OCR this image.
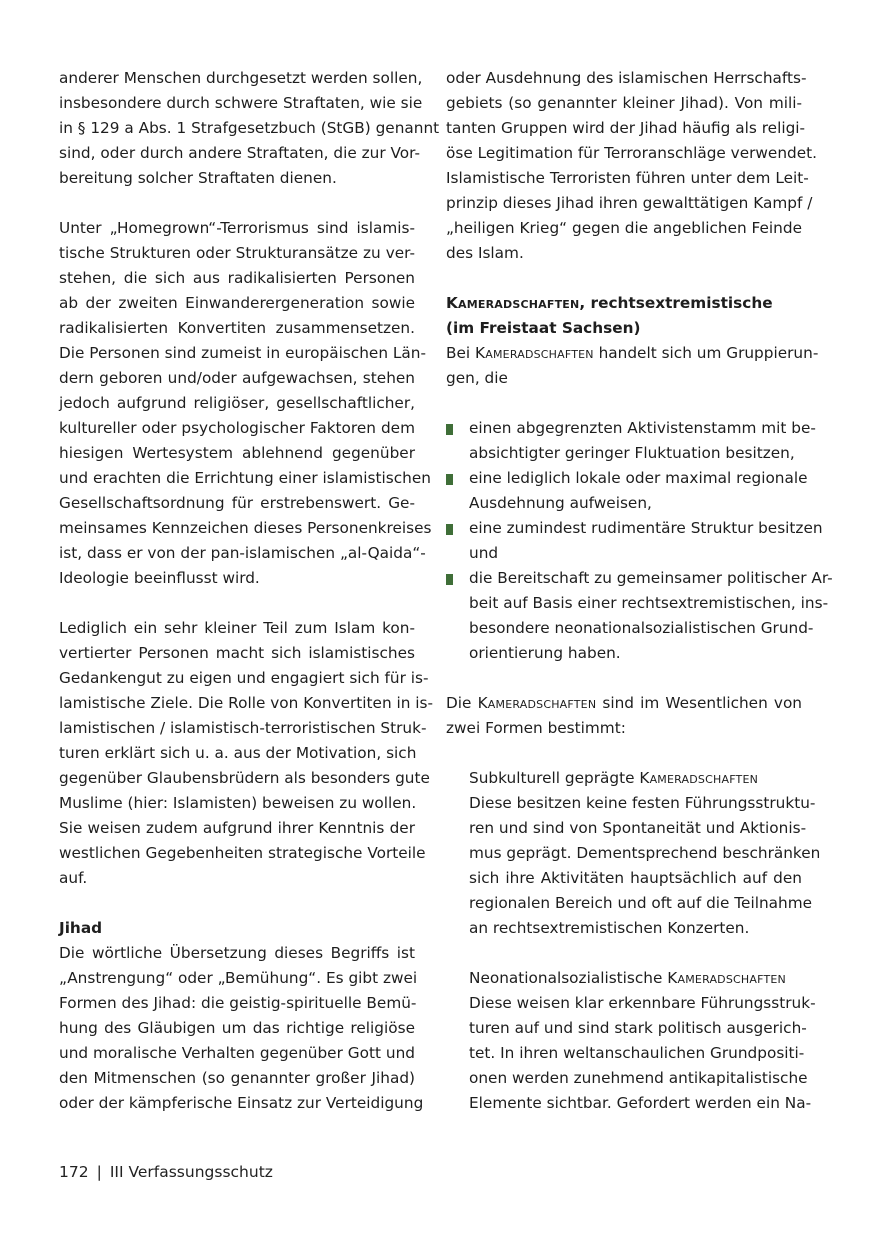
anderer Menschen durchgesetzt werden sollen,

insbesondere durch schwere Straftaten, wie sie

in § 129 a Abs. 1 Strafgesetzbuch (StGB) genannt

sind, oder durch andere Straftaten, die zur Vor-

bereitung solcher Straftaten dienen.

Unter „Homegrown“-Terrorismus sind islamis-

tische Strukturen oder Strukturansätze zu ver-

stehen, die sich aus radikalisierten Personen

ab der zweiten Einwanderergeneration sowie

radikalisierten Konvertiten zusammensetzen.

Die Personen sind zumeist in europäischen Län-

dern geboren und/oder aufgewachsen, stehen

jedoch aufgrund religiöser, gesellschaftlicher,

kultureller oder psychologischer Faktoren dem

hiesigen Wertesystem ablehnend gegenüber

und erachten die Errichtung einer islamistischen

Gesellschaftsordnung für erstrebenswert. Ge-

meinsames Kennzeichen dieses Personenkreises

ist, dass er von der pan-islamischen „al-Qaida“-

Ideologie beeinflusst wird.

Lediglich ein sehr kleiner Teil zum Islam kon-

vertierter Personen macht sich islamistisches

Gedankengut zu eigen und engagiert sich für is-

lamistische Ziele. Die Rolle von Konvertiten in is-

lamistischen / islamistisch-terroristischen Struk-

turen erklärt sich u. a. aus der Motivation, sich

gegenüber Glaubensbrüdern als besonders gute

Muslime (hier: Islamisten) beweisen zu wollen.

Sie weisen zudem aufgrund ihrer Kenntnis der

westlichen Gegebenheiten strategische Vorteile

auf.

Jihad

Die wörtliche Übersetzung dieses Begriffs ist

„Anstrengung“ oder „Bemühung“. Es gibt zwei

Formen des Jihad: die geistig-spirituelle Bemü-

hung des Gläubigen um das richtige religiöse

und moralische Verhalten gegenüber Gott und

den Mitmenschen (so genannter großer Jihad)

oder der kämpferische Einsatz zur Verteidigung

oder Ausdehnung des islamischen Herrschafts-

gebiets (so genannter kleiner Jihad). Von mili-

tanten Gruppen wird der Jihad häufig als religi-

öse Legitimation für Terroranschläge verwendet.

Islamistische Terroristen führen unter dem Leit-

prinzip dieses Jihad ihren gewalttätigen Kampf /

„heiligen Krieg“ gegen die angeblichen Feinde

des Islam.

Kameradschaften, rechtsextremistische

(im Freistaat Sachsen)

Bei Kameradschaften handelt sich um Gruppierun-

gen, die

einen abgegrenzten Aktivistenstamm mit be-

absichtigter geringer Fluktuation besitzen,

eine lediglich lokale oder maximal regionale

Ausdehnung aufweisen,

eine zumindest rudimentäre Struktur besitzen

und

die Bereitschaft zu gemeinsamer politischer Ar-

beit auf Basis einer rechtsextremistischen, ins-

besondere neonationalsozialistischen Grund-

orientierung haben.

Die Kameradschaften sind im Wesentlichen von

zwei Formen bestimmt:

Subkulturell geprägte Kameradschaften

Diese besitzen keine festen Führungsstruktu-

ren und sind von Spontaneität und Aktionis-

mus geprägt. Dementsprechend beschränken

sich ihre Aktivitäten hauptsächlich auf den

regionalen Bereich und oft auf die Teilnahme

an rechtsextremistischen Konzerten.

Neonationalsozialistische Kameradschaften

Diese weisen klar erkennbare Führungsstruk-

turen auf und sind stark politisch ausgerich-

tet. In ihren weltanschaulichen Grundpositi-

onen werden zunehmend antikapitalistische

Elemente sichtbar. Gefordert werden ein Na-

172 | III Verfassungsschutz
